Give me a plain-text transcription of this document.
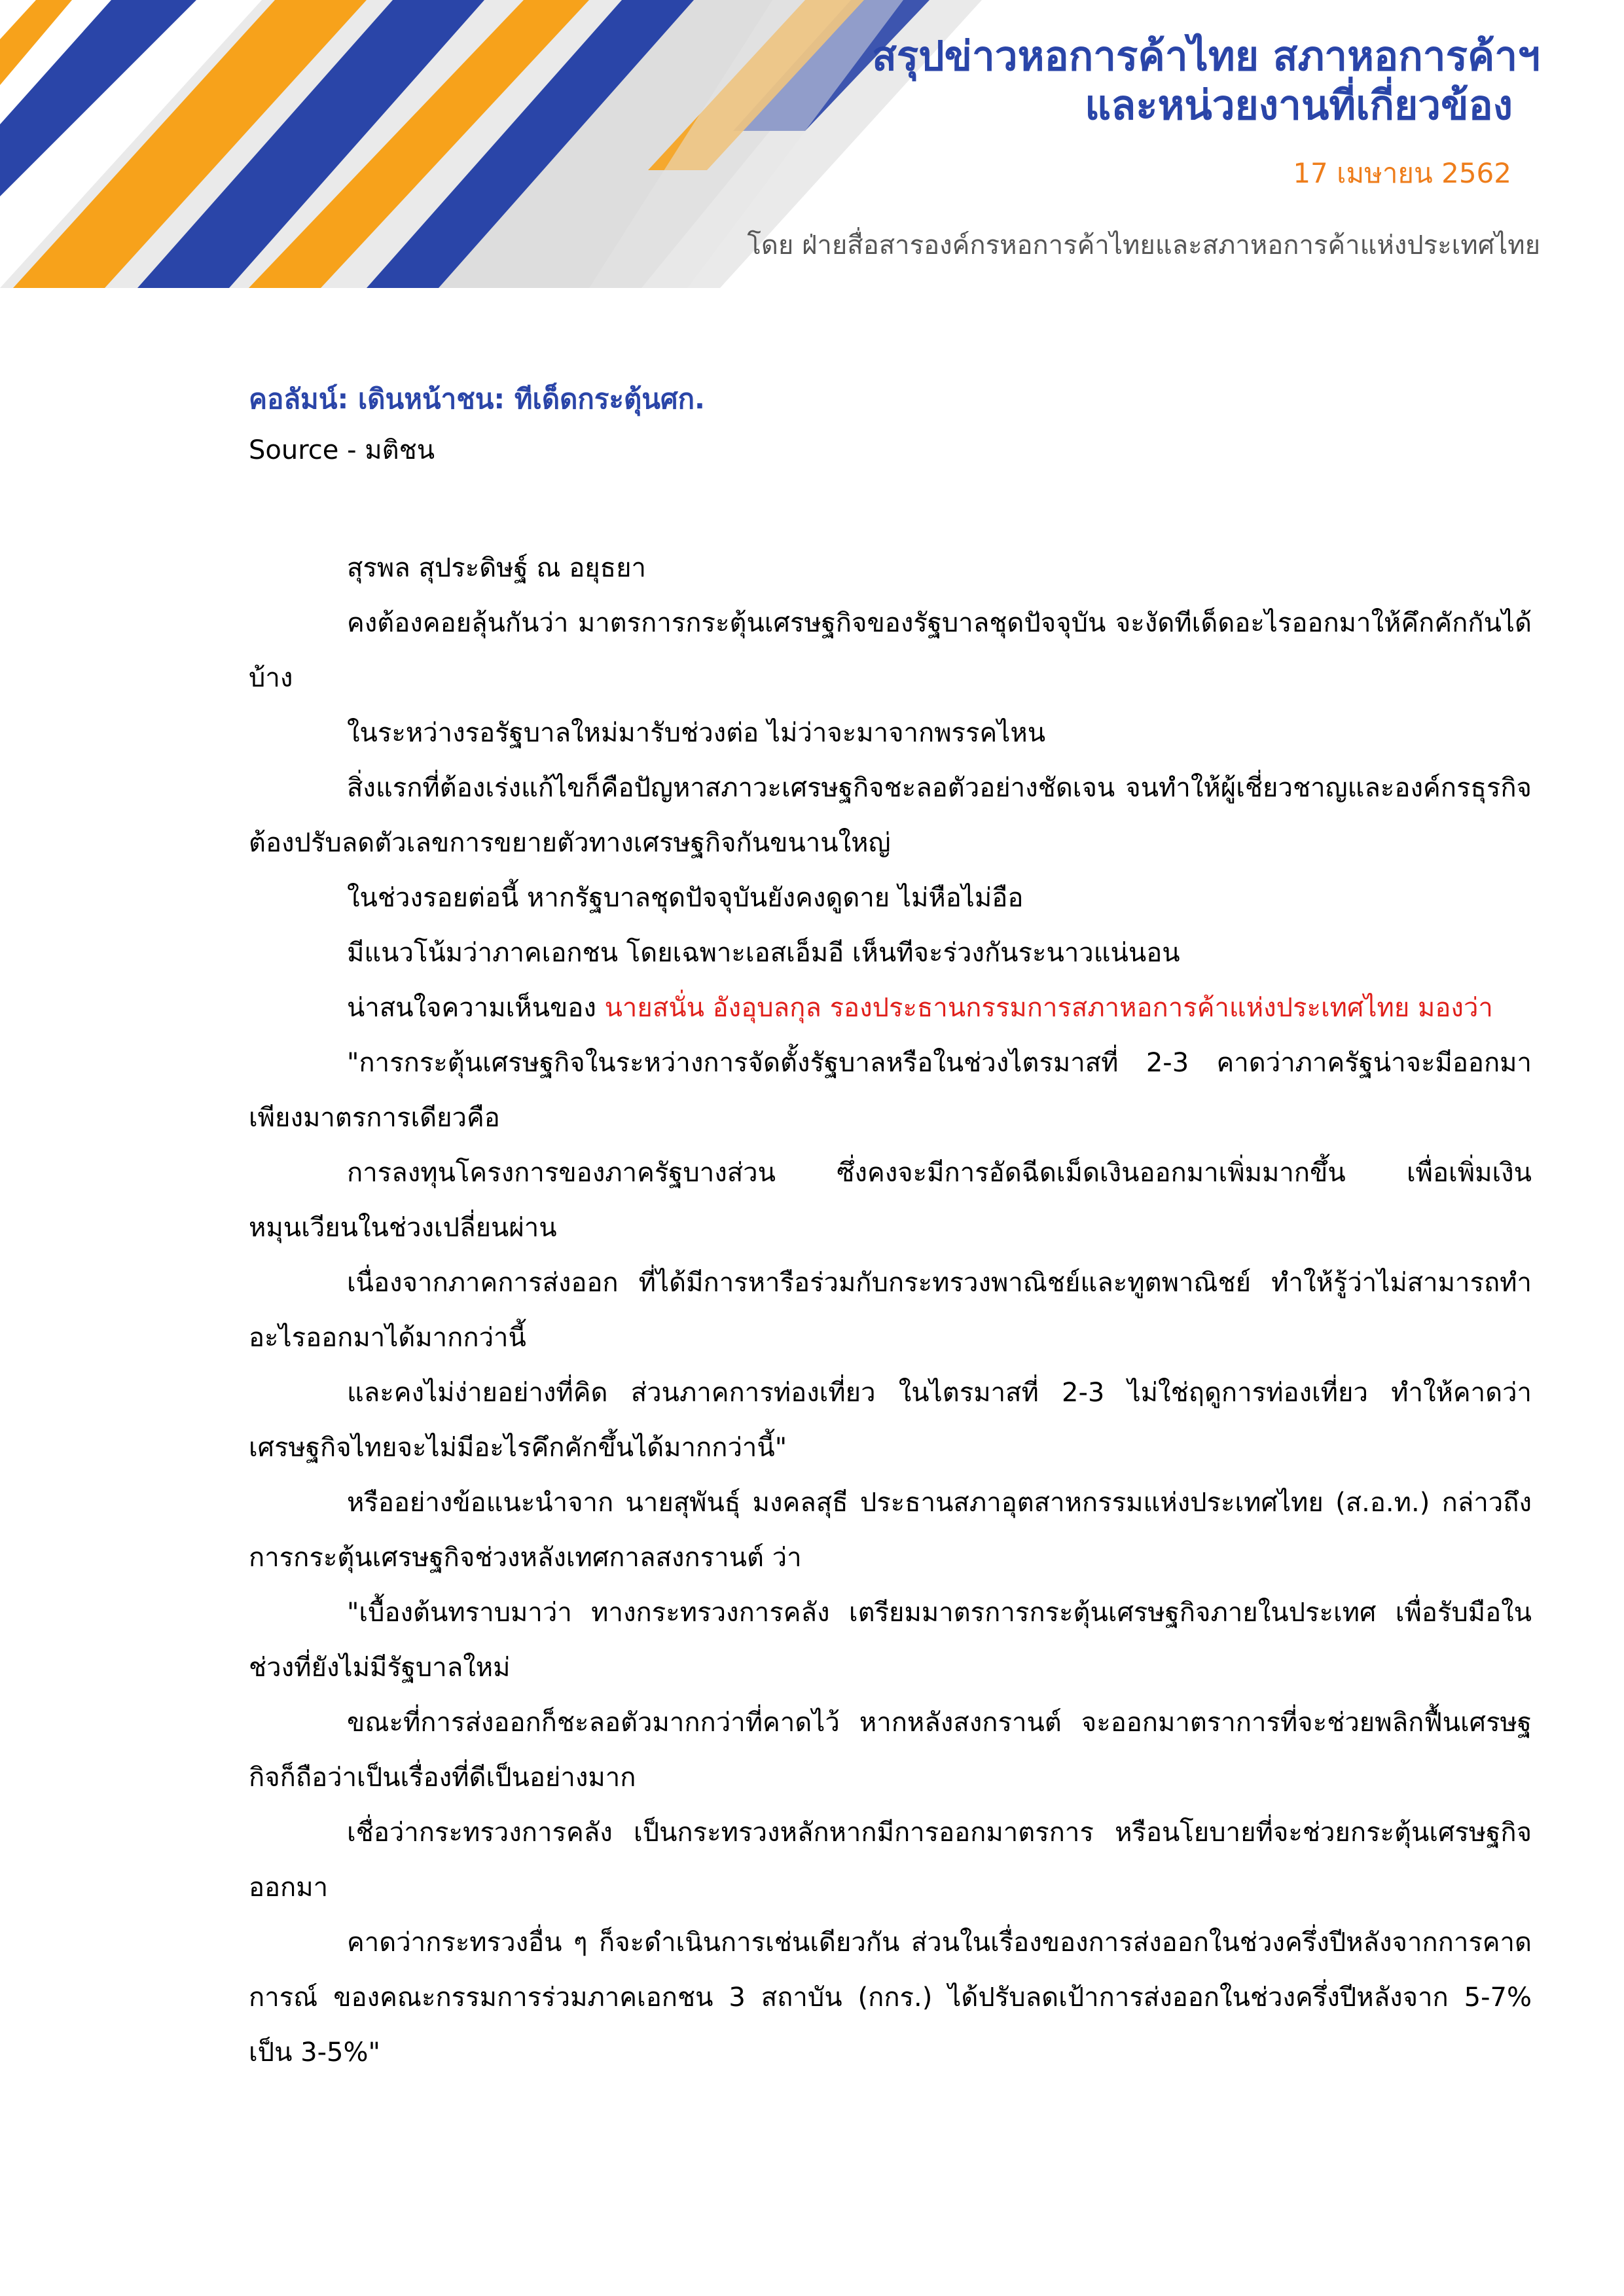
สรุปข่าวหอการค้าไทย สภาหอการค้าฯ
และหน่วยงานที่เกี่ยวข้อง
17 เมษายน 2562
โดย ฝ่ายสื่อสารองค์กรหอการค้าไทยและสภาหอการค้าแห่งประเทศไทย

คอลัมน์: เดินหน้าชน: ทีเด็ดกระตุ้นศก.

Source - มติชน

สุรพล สุประดิษฐ์ ณ อยุธยา

คงต้องคอยลุ้นกันว่า มาตรการกระตุ้นเศรษฐกิจของรัฐบาลชุดปัจจุบัน จะงัดทีเด็ดอะไรออกมาให้คึกคักกันได้บ้าง

ในระหว่างรอรัฐบาลใหม่มารับช่วงต่อ ไม่ว่าจะมาจากพรรคไหน

สิ่งแรกที่ต้องเร่งแก้ไขก็คือปัญหาสภาวะเศรษฐกิจชะลอตัวอย่างชัดเจน จนทำให้ผู้เชี่ยวชาญและองค์กรธุรกิจต้องปรับลดตัวเลขการขยายตัวทางเศรษฐกิจกันขนานใหญ่

ในช่วงรอยต่อนี้ หากรัฐบาลชุดปัจจุบันยังคงดูดาย ไม่หือไม่อือ

มีแนวโน้มว่าภาคเอกชน โดยเฉพาะเอสเอ็มอี เห็นทีจะร่วงกันระนาวแน่นอน

น่าสนใจความเห็นของ นายสนั่น อังอุบลกุล รองประธานกรรมการสภาหอการค้าแห่งประเทศไทย มองว่า

"การกระตุ้นเศรษฐกิจในระหว่างการจัดตั้งรัฐบาลหรือในช่วงไตรมาสที่ 2-3 คาดว่าภาครัฐน่าจะมีออกมาเพียงมาตรการเดียวคือ

การลงทุนโครงการของภาครัฐบางส่วน ซึ่งคงจะมีการอัดฉีดเม็ดเงินออกมาเพิ่มมากขึ้น เพื่อเพิ่มเงินหมุนเวียนในช่วงเปลี่ยนผ่าน

เนื่องจากภาคการส่งออก ที่ได้มีการหารือร่วมกับกระทรวงพาณิชย์และทูตพาณิชย์ ทำให้รู้ว่าไม่สามารถทำอะไรออกมาได้มากกว่านี้

และคงไม่ง่ายอย่างที่คิด ส่วนภาคการท่องเที่ยว ในไตรมาสที่ 2-3 ไม่ใช่ฤดูการท่องเที่ยว ทำให้คาดว่าเศรษฐกิจไทยจะไม่มีอะไรคึกคักขึ้นได้มากกว่านี้"

หรืออย่างข้อแนะนำจาก นายสุพันธุ์ มงคลสุธี ประธานสภาอุตสาหกรรมแห่งประเทศไทย (ส.อ.ท.) กล่าวถึงการกระตุ้นเศรษฐกิจช่วงหลังเทศกาลสงกรานต์ ว่า

"เบื้องต้นทราบมาว่า ทางกระทรวงการคลัง เตรียมมาตรการกระตุ้นเศรษฐกิจภายในประเทศ เพื่อรับมือในช่วงที่ยังไม่มีรัฐบาลใหม่

ขณะที่การส่งออกก็ชะลอตัวมากกว่าที่คาดไว้ หากหลังสงกรานต์ จะออกมาตราการที่จะช่วยพลิกฟื้นเศรษฐ กิจก็ถือว่าเป็นเรื่องที่ดีเป็นอย่างมาก

เชื่อว่ากระทรวงการคลัง เป็นกระทรวงหลักหากมีการออกมาตรการ หรือนโยบายที่จะช่วยกระตุ้นเศรษฐกิจออกมา

คาดว่ากระทรวงอื่น ๆ ก็จะดำเนินการเช่นเดียวกัน ส่วนในเรื่องของการส่งออกในช่วงครึ่งปีหลังจากการคาดการณ์ ของคณะกรรมการร่วมภาคเอกชน 3 สถาบัน (กกร.) ได้ปรับลดเป้าการส่งออกในช่วงครึ่งปีหลังจาก 5-7% เป็น 3-5%"
